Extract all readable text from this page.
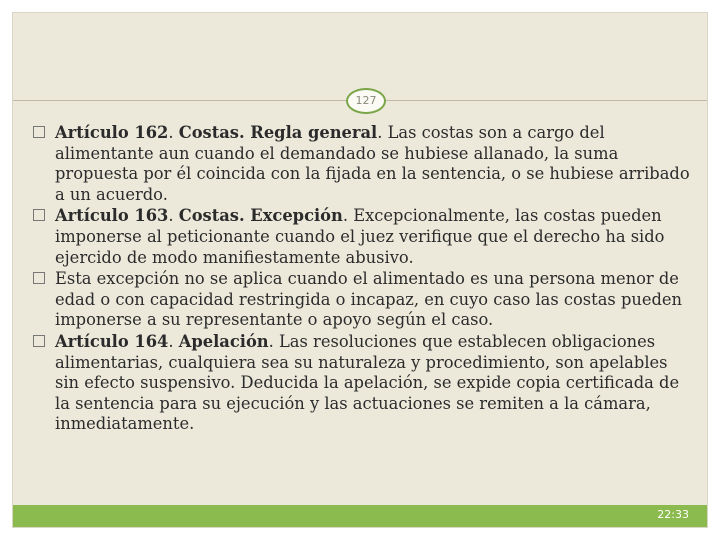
127

Artículo 162. Costas. Regla general. Las costas son a cargo del alimentante aun cuando el demandado se hubiese allanado, la suma propuesta por él coincida con la fijada en la sentencia, o se hubiese arribado a un acuerdo.

Artículo 163. Costas. Excepción. Excepcionalmente, las costas pueden imponerse al peticionante cuando el juez verifique que el derecho ha sido ejercido de modo manifiestamente abusivo.

Esta excepción no se aplica cuando el alimentado es una persona menor de edad o con capacidad restringida o incapaz, en cuyo caso las costas pueden imponerse a su representante o apoyo según el caso.

Artículo 164. Apelación. Las resoluciones que establecen obligaciones alimentarias, cualquiera sea su naturaleza y procedimiento, son apelables sin efecto suspensivo. Deducida la apelación, se expide copia certificada de la sentencia para su ejecución y las actuaciones se remiten a la cámara, inmediatamente.

22:33
